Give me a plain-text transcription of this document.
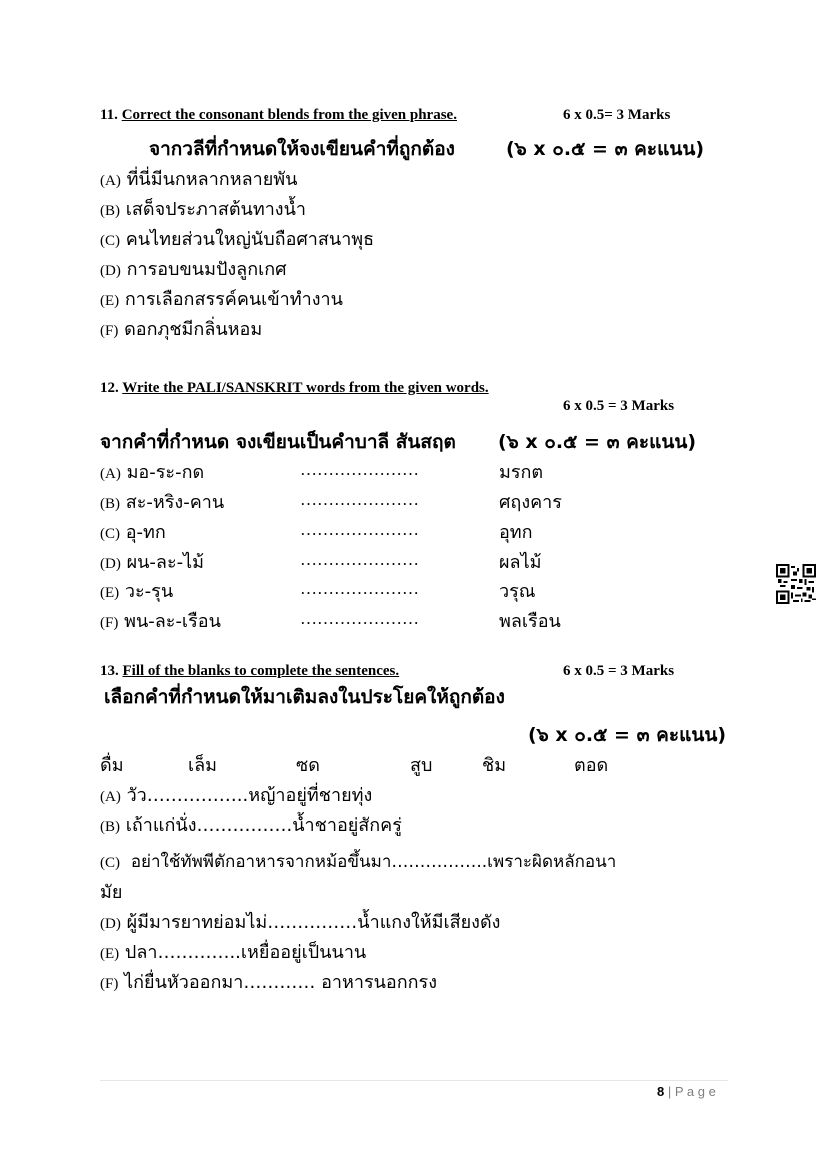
11. Correct the consonant blends from the given phrase.	6 x 0.5= 3 Marks
จากวลีที่กำหนดให้จงเขียนคำที่ถูกต้อง	(๖ x ๐.๕ = ๓ คะแนน)
(A) ที่นี่มีนกหลากหลายพัน
(B) เสด็จประภาสต้นทางน้ำ
(C) คนไทยส่วนใหญ่นับถือศาสนาพุธ
(D) การอบขนมปังลูกเกศ
(E) การเลือกสรรค์คนเข้าทำงาน
(F) ดอกภุชมีกลิ่นหอม
12. Write the PALI/SANSKRIT words from the given words.
6 x 0.5 = 3 Marks
จากคำที่กำหนด จงเขียนเป็นคำบาลี สันสฤต (๖ x ๐.๕ = ๓ คะแนน)
(A) มอ-ระ-กด	…………………	มรกต
(B) สะ-หริง-คาน	…………………	ศฤงคาร
(C) อุ-ทก	…………………	อุทก
(D) ผน-ละ-ไม้	…………………	ผลไม้
(E) วะ-รุน	…………………	วรุณ
(F) พน-ละ-เรือน	…………………	พลเรือน
13. Fill of the blanks to complete the sentences.	6 x 0.5 = 3 Marks
เลือกคำที่กำหนดให้มาเติมลงในประโยคให้ถูกต้อง
(๖ x ๐.๕ = ๓ คะแนน)
ดื่ม	เล็ม	ซด	สูบ	ชิม	ตอด
(A) วัว……………..หญ้าอยู่ที่ชายทุ่ง
(B) เถ้าแก่นั่ง…………….น้ำชาอยู่สักครู่
(C) อย่าใช้ทัพพีตักอาหารจากหม้อขึ้นมา……………..เพราะผิดหลักอนา
มัย
(D) ผู้มีมารยาทย่อมไม่……………น้ำแกงให้มีเสียงดัง
(E) ปลา…………..เหยื่ออยู่เป็นนาน
(F) ไก่ยื่นหัวออกมา………… อาหารนอกกรง
8 | P a g e
